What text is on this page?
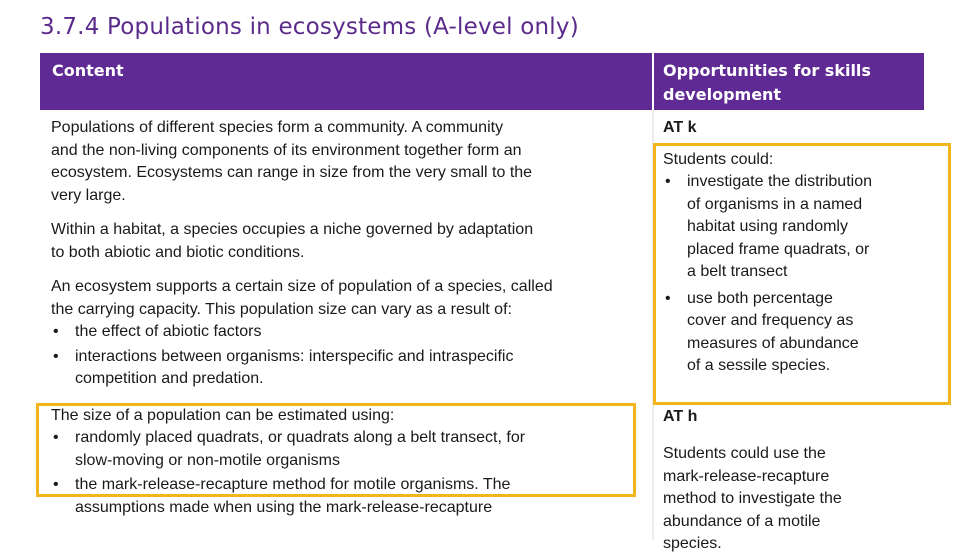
3.7.4 Populations in ecosystems (A-level only)
Content	Opportunities for skills
development

Populations of different species form a community. A community
and the non-living components of its environment together form an
ecosystem. Ecosystems can range in size from the very small to the
very large.

Within a habitat, a species occupies a niche governed by adaptation
to both abiotic and biotic conditions.

An ecosystem supports a certain size of population of a species, called
the carrying capacity. This population size can vary as a result of:

• the effect of abiotic factors
• interactions between organisms: interspecific and intraspecific
competition and predation.

The size of a population can be estimated using:

• randomly placed quadrats, or quadrats along a belt transect, for
slow-moving or non-motile organisms
• the mark-release-recapture method for motile organisms. The
assumptions made when using the mark-release-recapture
AT k
Students could:
• investigate the distribution
of organisms in a named
habitat using randomly
placed frame quadrats, or
a belt transect
• use both percentage
cover and frequency as
measures of abundance
of a sessile species.
AT h

Students could use the
mark-release-recapture
method to investigate the
abundance of a motile
species.
